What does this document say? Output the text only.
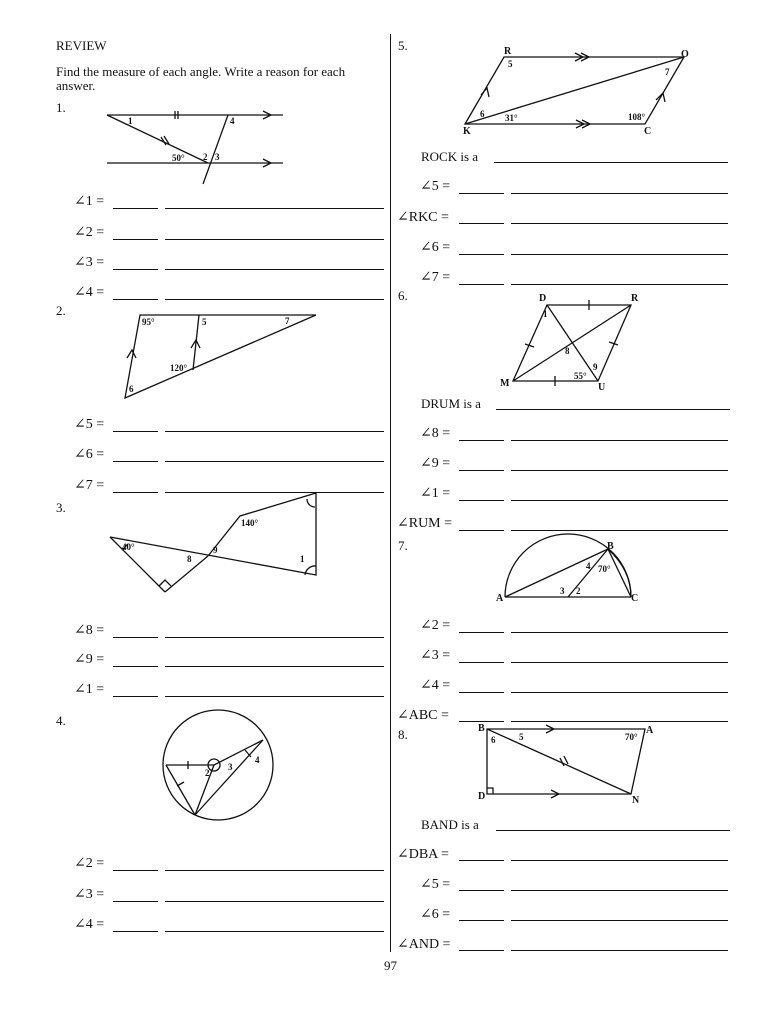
REVIEW
Find the measure of each angle. Write a reason for each
answer.
1.
2.
3.
4.
5.
6.
7.
8.
1	4
50° 2 3
95°	5	7
120°
6
40°
8
9
140°
1
2
3
4
R	O
K	C
5
7
6 31°	108°
D	R
M	U
1
8
9
55°
A
B
C
4 70°
3 2
B	A
D	N
6	5	70°
∠1 =
∠2 =
∠3 =
∠4 =
∠5 =
∠6 =
∠7 =
∠8 =
∠9 =
∠1 =
∠2 =
∠3 =
∠4 =
ROCK is a
∠5 =
∠RKC =
∠6 =
∠7 =
DRUM is a
∠8 =
∠9 =
∠1 =
∠RUM =
∠2 =
∠3 =
∠4 =
∠ABC =
BAND is a
∠DBA =
∠5 =
∠6 =
∠AND =
97
